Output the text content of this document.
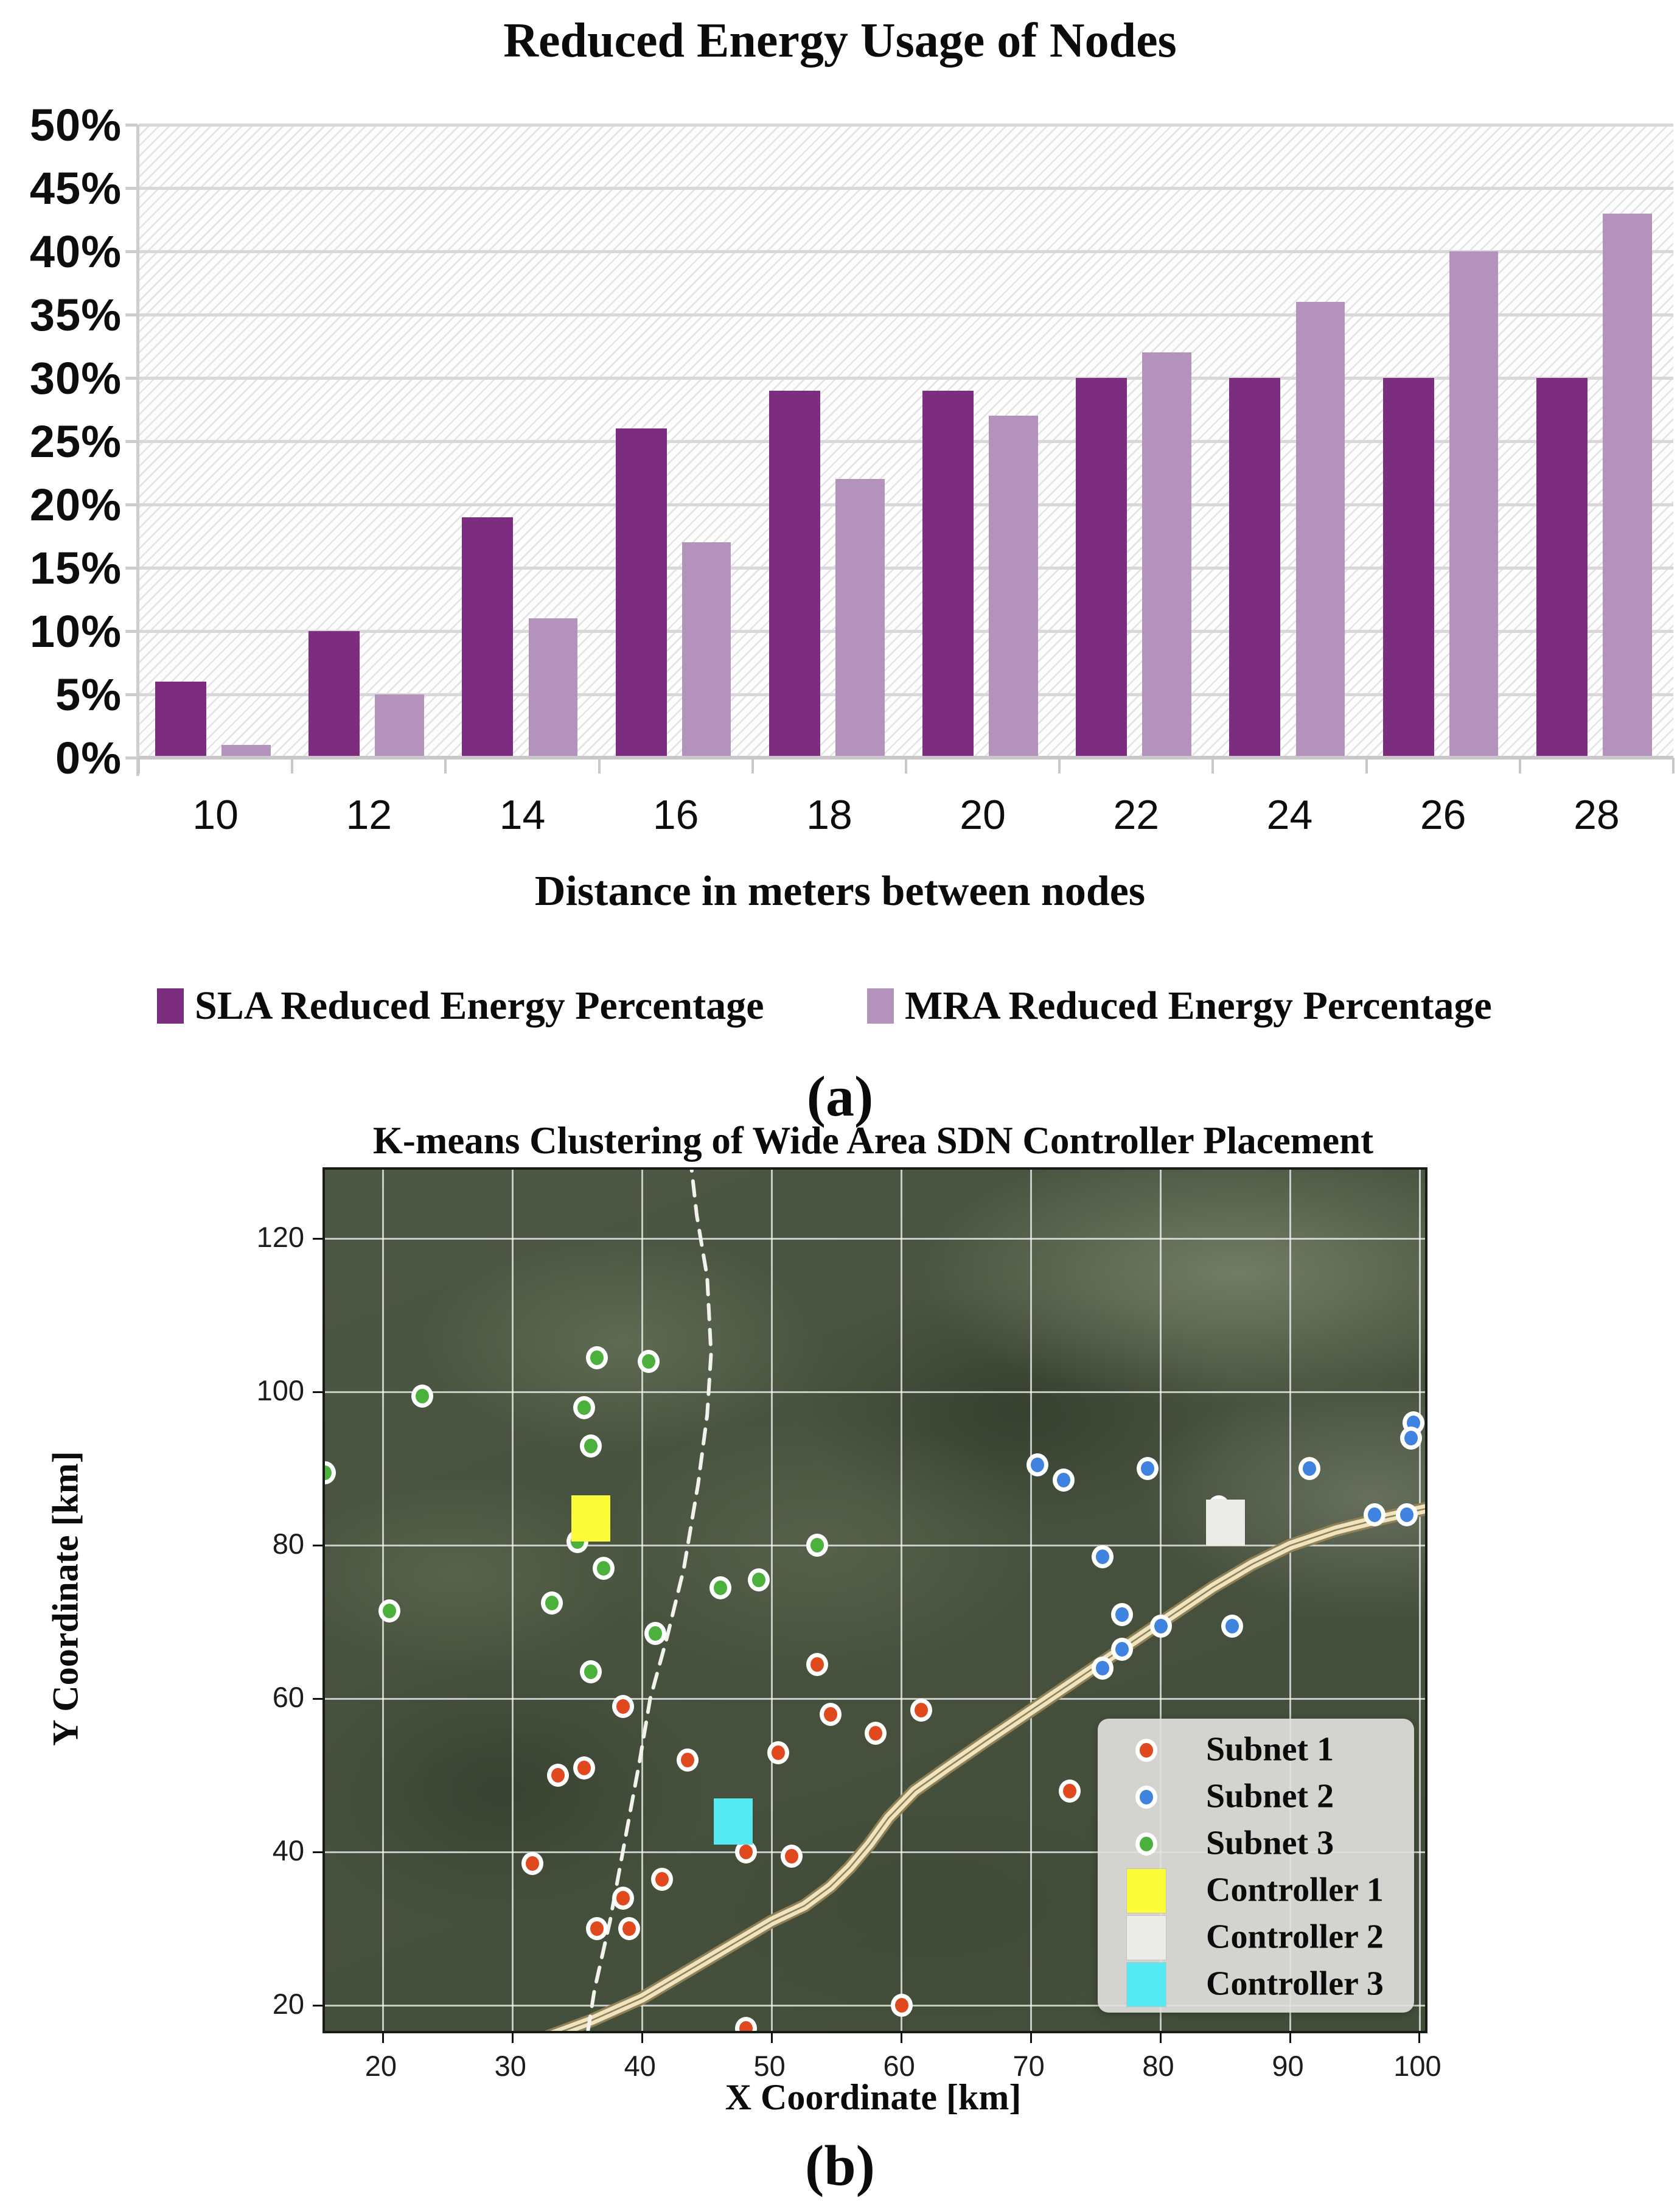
Reduced Energy Usage of Nodes
0%
5%
10%
15%
20%
25%
30%
35%
40%
45%
50%
10	12	14	16	18	20	22	24	26	28
Distance in meters between nodes
SLA Reduced Energy Percentage	MRA Reduced Energy Percentage
(a)
K-means Clustering of Wide Area SDN Controller Placement
Y Coordinate [km]
Subnet 1
Subnet 2
Subnet 3
Controller 1
Controller 2
Controller 3
20	30	40	50	60	70	80	90	100
20
40
60
80
100
120
X Coordinate [km]
(b)
